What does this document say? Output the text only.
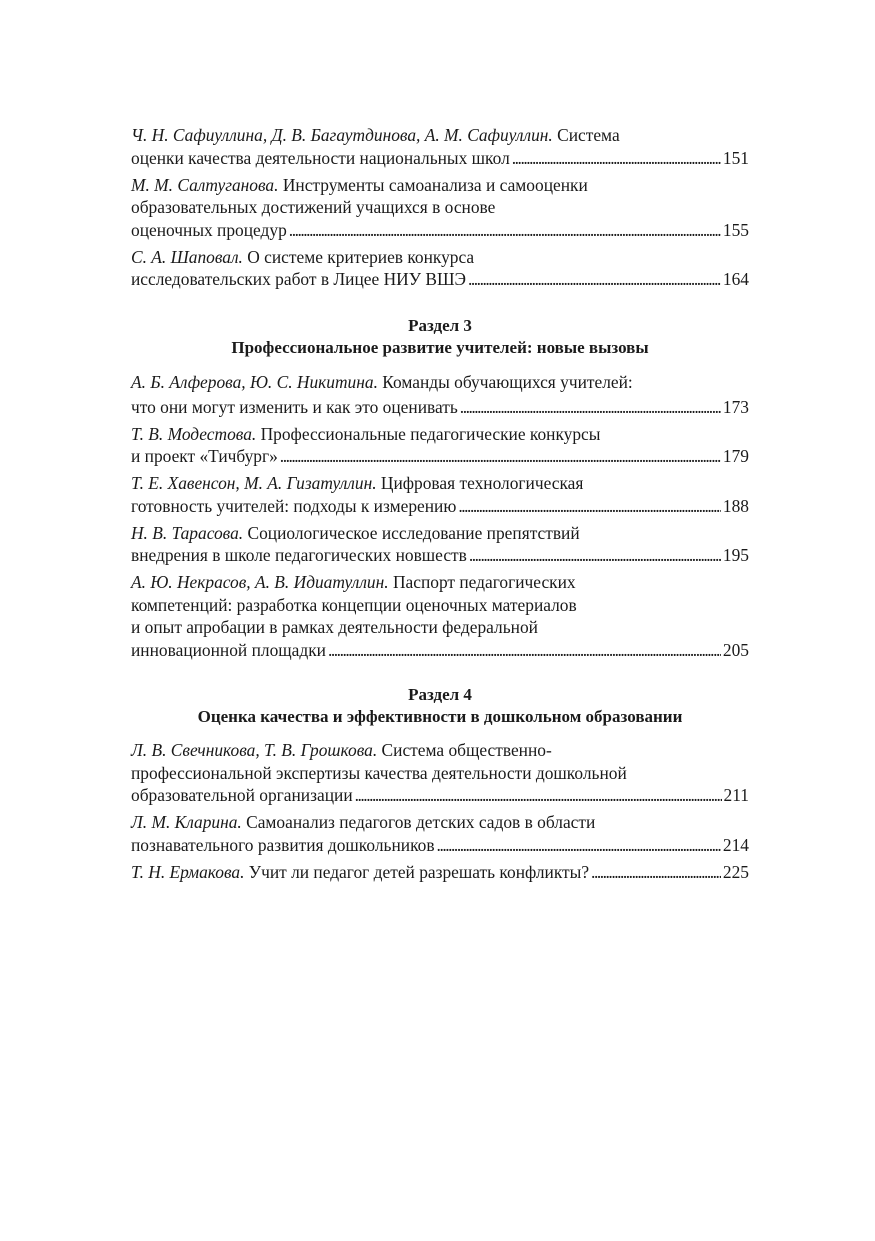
Ч. Н. Сафиуллина, Д. В. Багаутдинова, А. М. Сафиуллин. Система
оценки качества деятельности национальных школ . . .	151
М. М. Салтуганова. Инструменты самоанализа и самооценки
образовательных достижений учащихся в основе
оценочных процедур . . .	155
С. А. Шаповал. О системе критериев конкурса
исследовательских работ в Лицее НИУ ВШЭ . . .	164
Раздел 3
Профессиональное развитие учителей: новые вызовы
А. Б. Алферова, Ю. С. Никитина. Команды обучающихся учителей:
что они могут изменить и как это оценивать . . .	173
Т. В. Модестова. Профессиональные педагогические конкурсы
и проект «Тичбург» . . .	179
Т. Е. Хавенсон, М. А. Гизатуллин. Цифровая технологическая
готовность учителей: подходы к измерению . . .	188
Н. В. Тарасова. Социологическое исследование препятствий
внедрения в школе педагогических новшеств . . .	195
А. Ю. Некрасов, А. В. Идиатуллин. Паспорт педагогических
компетенций: разработка концепции оценочных материалов
и опыт апробации в рамках деятельности федеральной
инновационной площадки . . .	205
Раздел 4
Оценка качества и эффективности в дошкольном образовании
Л. В. Свечникова, Т. В. Грошкова. Система общественно-
профессиональной экспертизы качества деятельности дошкольной
образовательной организации . . .	211
Л. М. Кларина. Самоанализ педагогов детских садов в области
познавательного развития дошкольников . . .	214
Т. Н. Ермакова. Учит ли педагог детей разрешать конфликты? . . .	225
